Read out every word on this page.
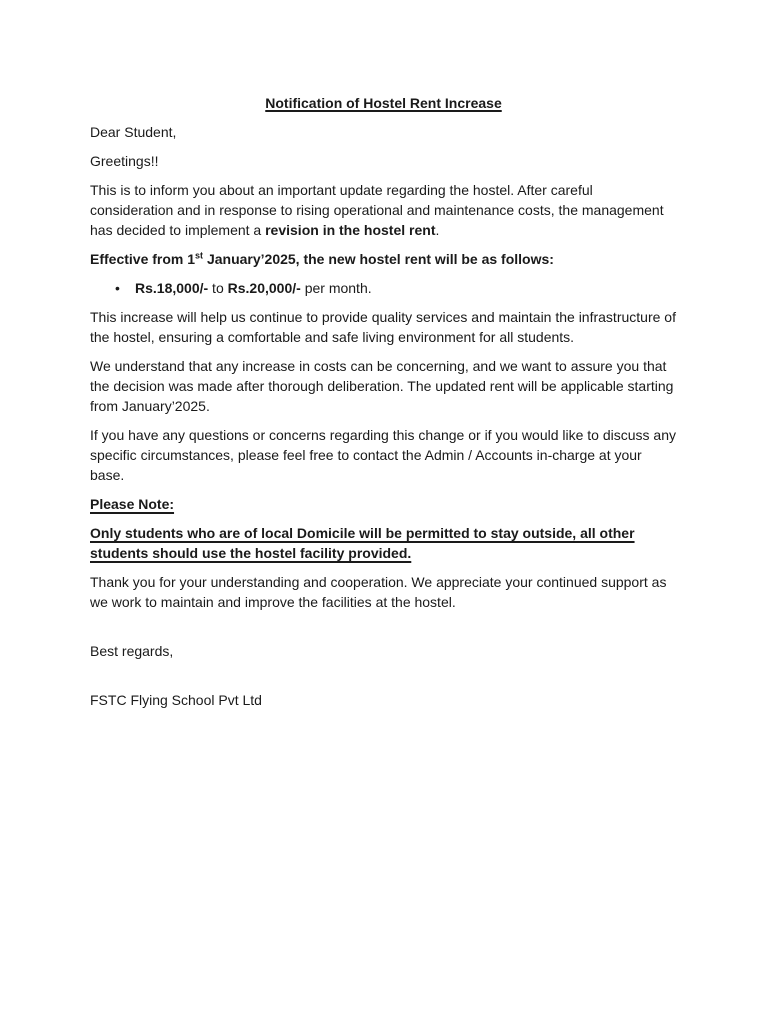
Notification of Hostel Rent Increase

Dear Student,

Greetings!!

This is to inform you about an important update regarding the hostel. After careful consideration and in response to rising operational and maintenance costs, the management has decided to implement a revision in the hostel rent.

Effective from 1st January’2025, the new hostel rent will be as follows:

•	Rs.18,000/- to Rs.20,000/- per month.

This increase will help us continue to provide quality services and maintain the infrastructure of the hostel, ensuring a comfortable and safe living environment for all students.

We understand that any increase in costs can be concerning, and we want to assure you that the decision was made after thorough deliberation. The updated rent will be applicable starting from January’2025.

If you have any questions or concerns regarding this change or if you would like to discuss any specific circumstances, please feel free to contact the Admin / Accounts in-charge at your base.

Please Note:

Only students who are of local Domicile will be permitted to stay outside, all other students should use the hostel facility provided.

Thank you for your understanding and cooperation. We appreciate your continued support as we work to maintain and improve the facilities at the hostel.

Best regards,

FSTC Flying School Pvt Ltd
